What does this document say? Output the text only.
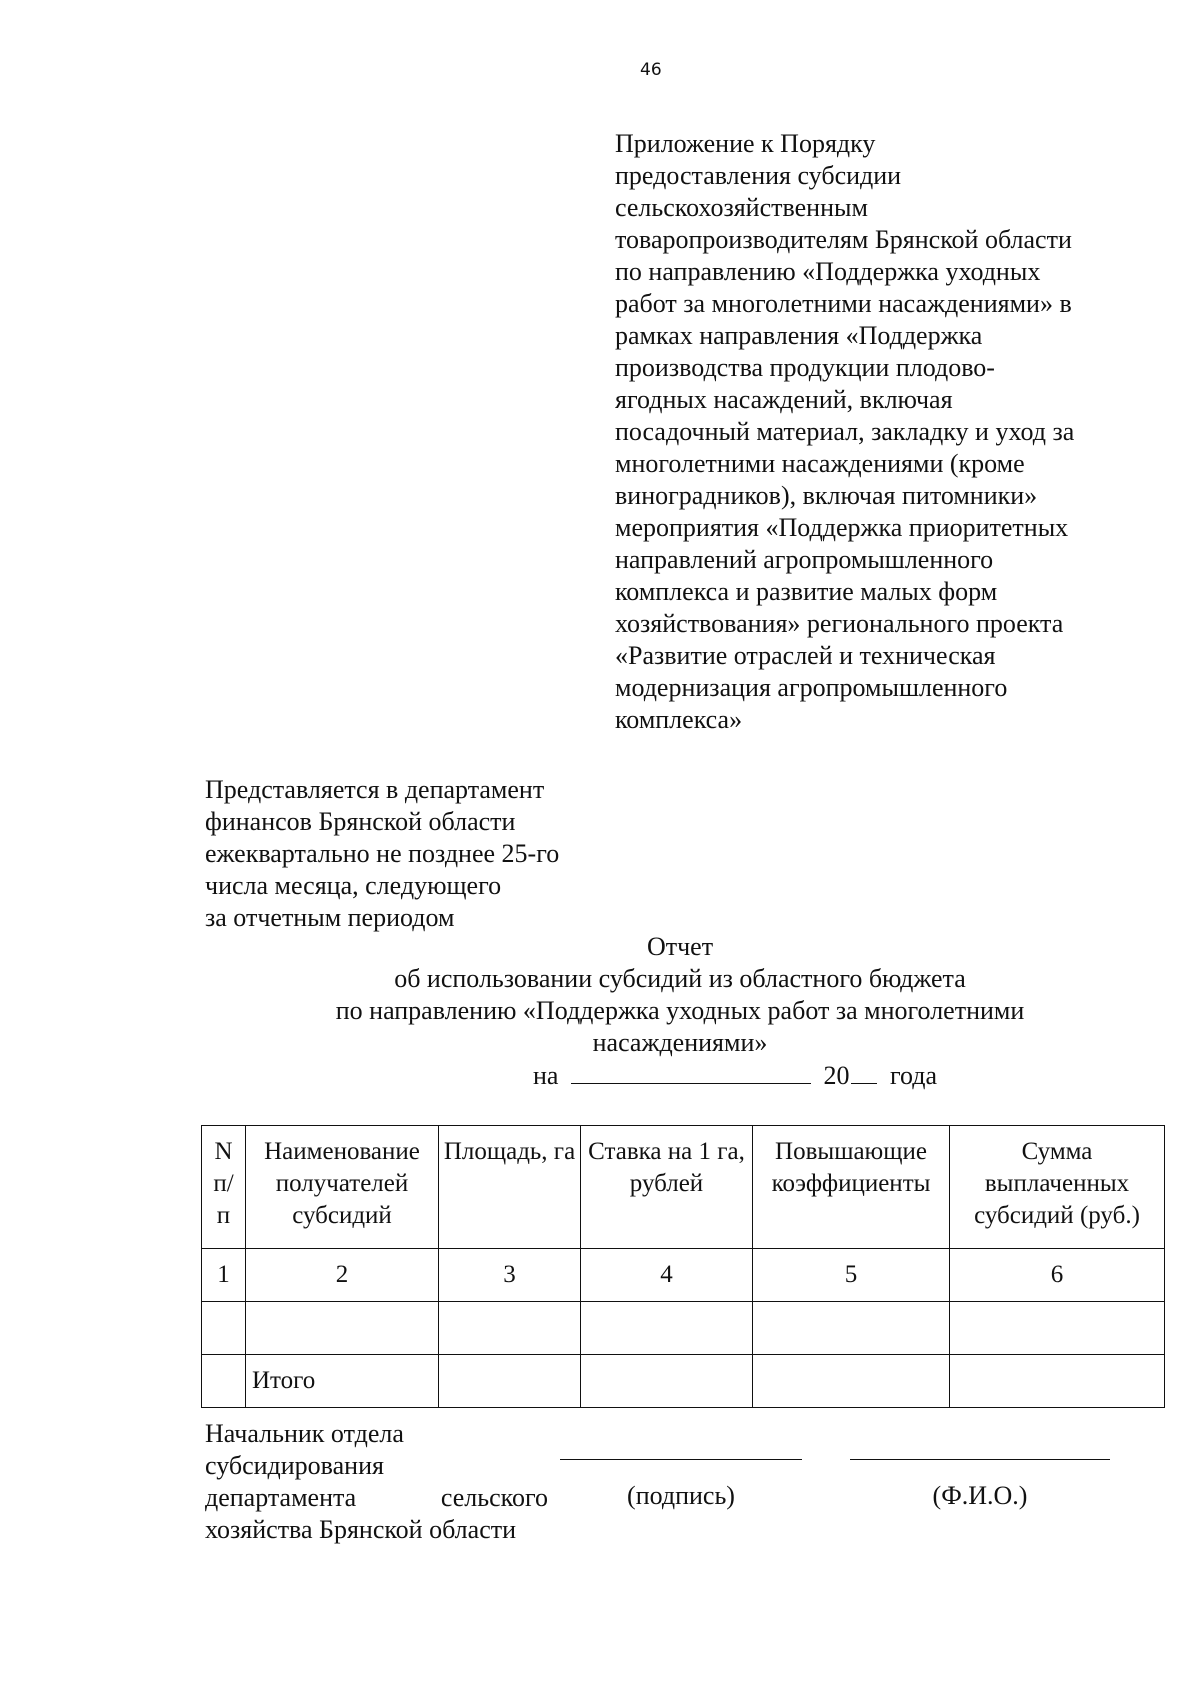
46
Приложение к Порядку
предоставления субсидии
сельскохозяйственным
товаропроизводителям Брянской области
по направлению «Поддержка уходных
работ за многолетними насаждениями» в
рамках направления «Поддержка
производства продукции плодово-
ягодных насаждений, включая
посадочный материал, закладку и уход за
многолетними насаждениями (кроме
виноградников), включая питомники»
мероприятия «Поддержка приоритетных
направлений агропромышленного
комплекса и развитие малых форм
хозяйствования» регионального проекта
«Развитие отраслей и техническая
модернизация агропромышленного
комплекса»
Представляется в департамент
финансов Брянской области
ежеквартально не позднее 25-го
числа месяца, следующего
за отчетным периодом
Отчет
об использовании субсидий из областного бюджета
по направлению «Поддержка уходных работ за многолетними
насаждениями»
на	20 года
N п/ п	Наименование получателей субсидий	Площадь, га	Ставка на 1 га, рублей	Повышающие коэффициенты	Сумма выплаченных субсидий (руб.)
1	2	3	4	5	6

	Итого				
Начальник отдела
субсидирования
департамента	сельского
хозяйства Брянской области
(подпись)	(Ф.И.О.)
